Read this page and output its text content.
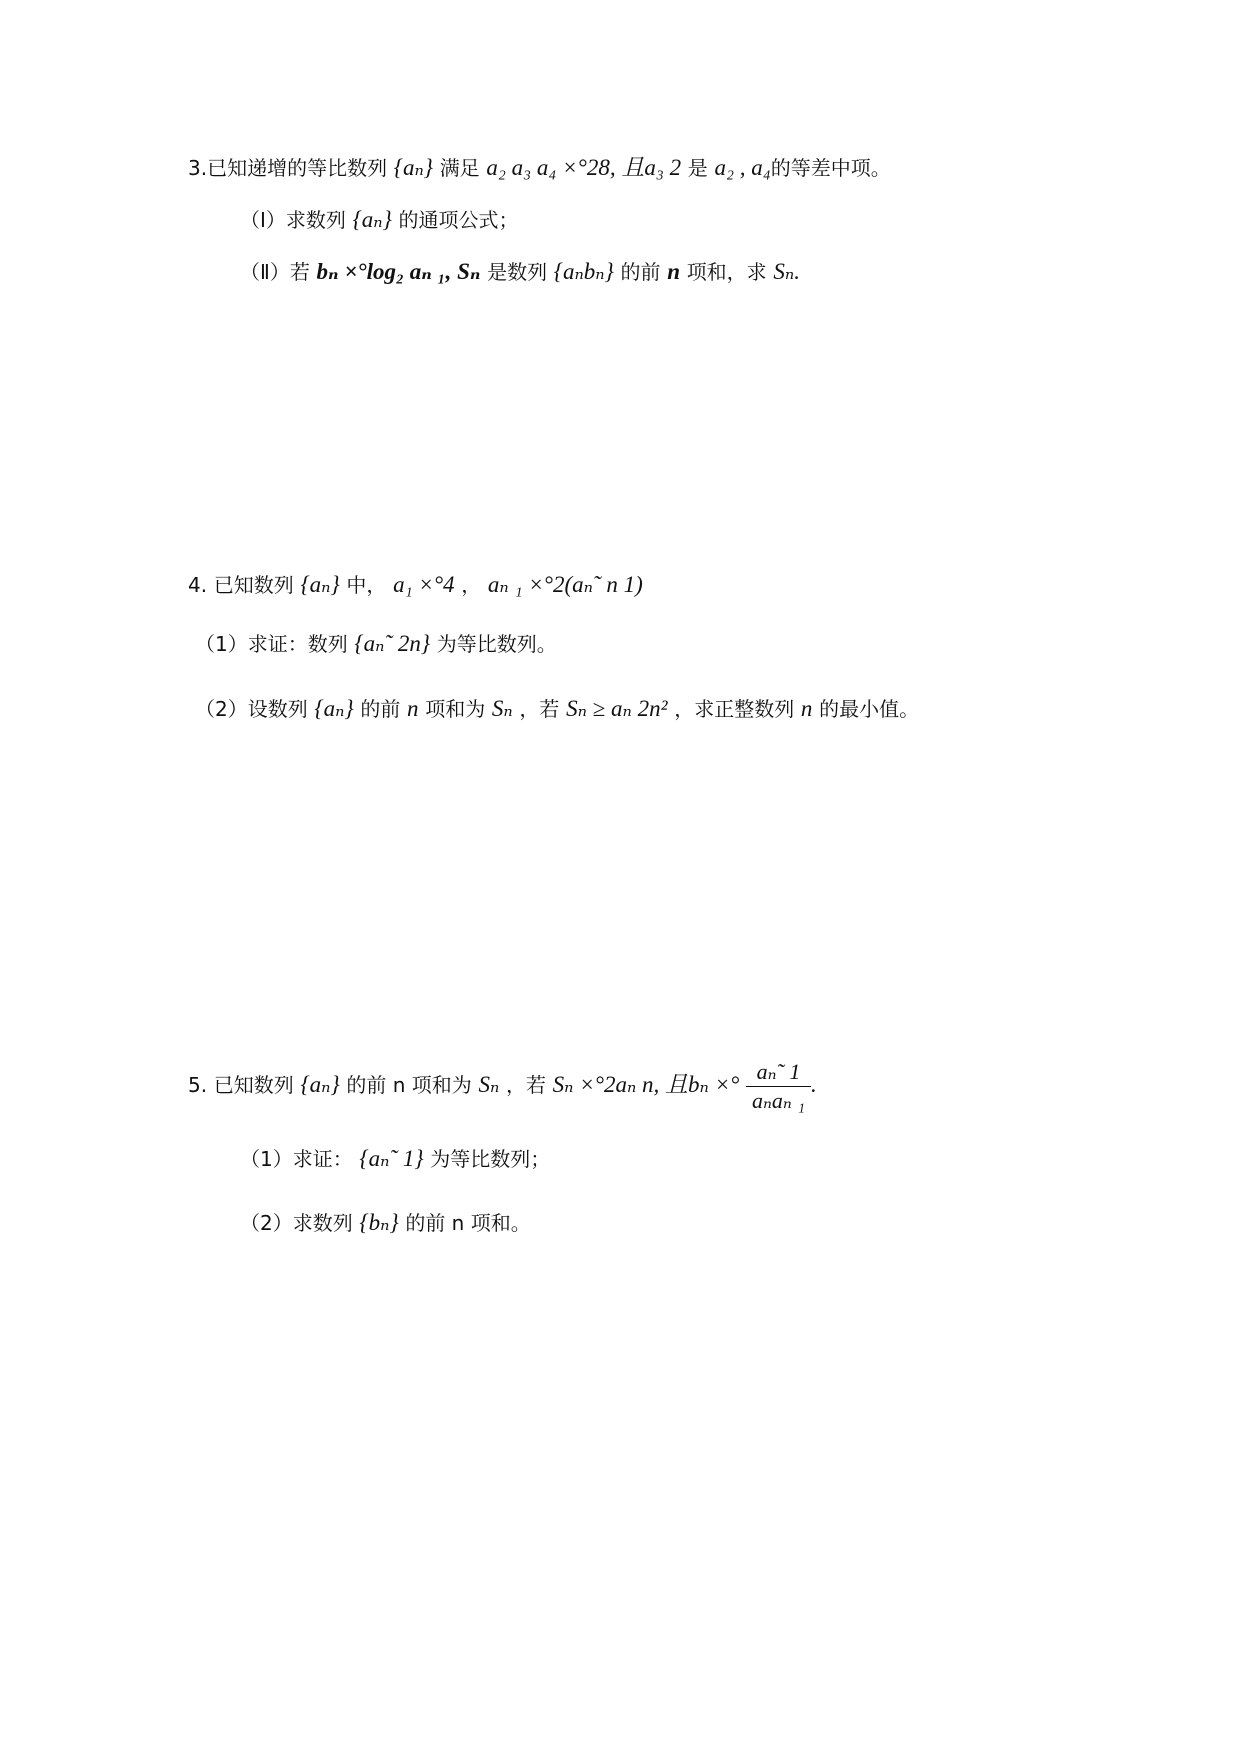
3.已知递增的等比数列 {aₙ} 满足 a₂ a₃ a₄ ×°28, 且a₃ 2 是 a₂ , a₄的等差中项。
（Ⅰ）求数列 {aₙ} 的通项公式；
（Ⅱ）若 bₙ ×°log₂ aₙ ₁, Sₙ 是数列 {aₙbₙ} 的前 n 项和，求 Sₙ.
4. 已知数列 {aₙ} 中， a₁ ×°4 ， aₙ ₁ ×°2(aₙ˜ n 1)
（1）求证：数列 {aₙ˜ 2n} 为等比数列。
（2）设数列 {aₙ} 的前 n 项和为 Sₙ ，若 Sₙ ≥ aₙ 2n² ，求正整数列 n 的最小值。
5. 已知数列 {aₙ} 的前 n 项和为 Sₙ ，若 Sₙ ×°2aₙ n, 且bₙ ×° $\frac{\text{aₙ˜ 1}}{\text{aₙaₙ ₁}}$ .
（1）求证： {aₙ˜ 1} 为等比数列；
（2）求数列 {bₙ} 的前 n 项和。
